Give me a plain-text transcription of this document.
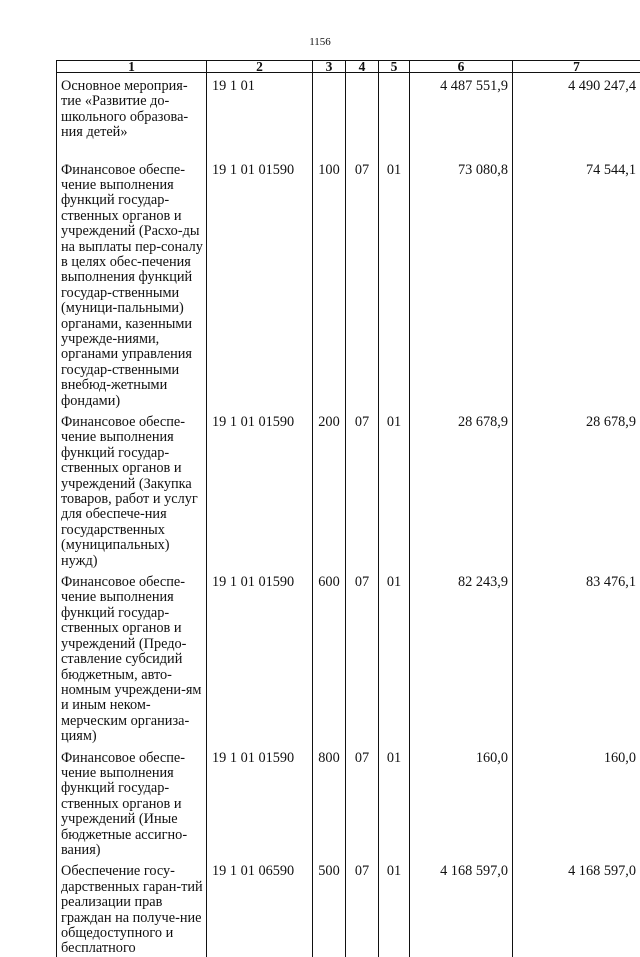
1156
1	2	3	4	5	6	7
Основное мероприя-тие «Развитие до-школьного образова-ния детей»	19 1 01				4 487 551,9	4 490 247,4
Финансовое обеспе-чение выполнения функций государ-ственных органов и учреждений (Расхо-ды на выплаты пер-соналу в целях обес-печения выполнения функций государ-ственными (муници-пальными) органами, казенными учрежде-ниями, органами управления государ-ственными внебюд-жетными фондами)	19 1 01 01590	100	07	01	73 080,8	74 544,1
Финансовое обеспе-чение выполнения функций государ-ственных органов и учреждений (Закупка товаров, работ и услуг для обеспече-ния государственных (муниципальных) нужд)	19 1 01 01590	200	07	01	28 678,9	28 678,9
Финансовое обеспе-чение выполнения функций государ-ственных органов и учреждений (Предо-ставление субсидий бюджетным, авто-номным учреждени-ям и иным неком-мерческим организа-циям)	19 1 01 01590	600	07	01	82 243,9	83 476,1
Финансовое обеспе-чение выполнения функций государ-ственных органов и учреждений (Иные бюджетные ассигно-вания)	19 1 01 01590	800	07	01	160,0	160,0
Обеспечение госу-дарственных гаран-тий реализации прав граждан на получе-ние общедоступного и бесплатного	19 1 01 06590	500	07	01	4 168 597,0	4 168 597,0
